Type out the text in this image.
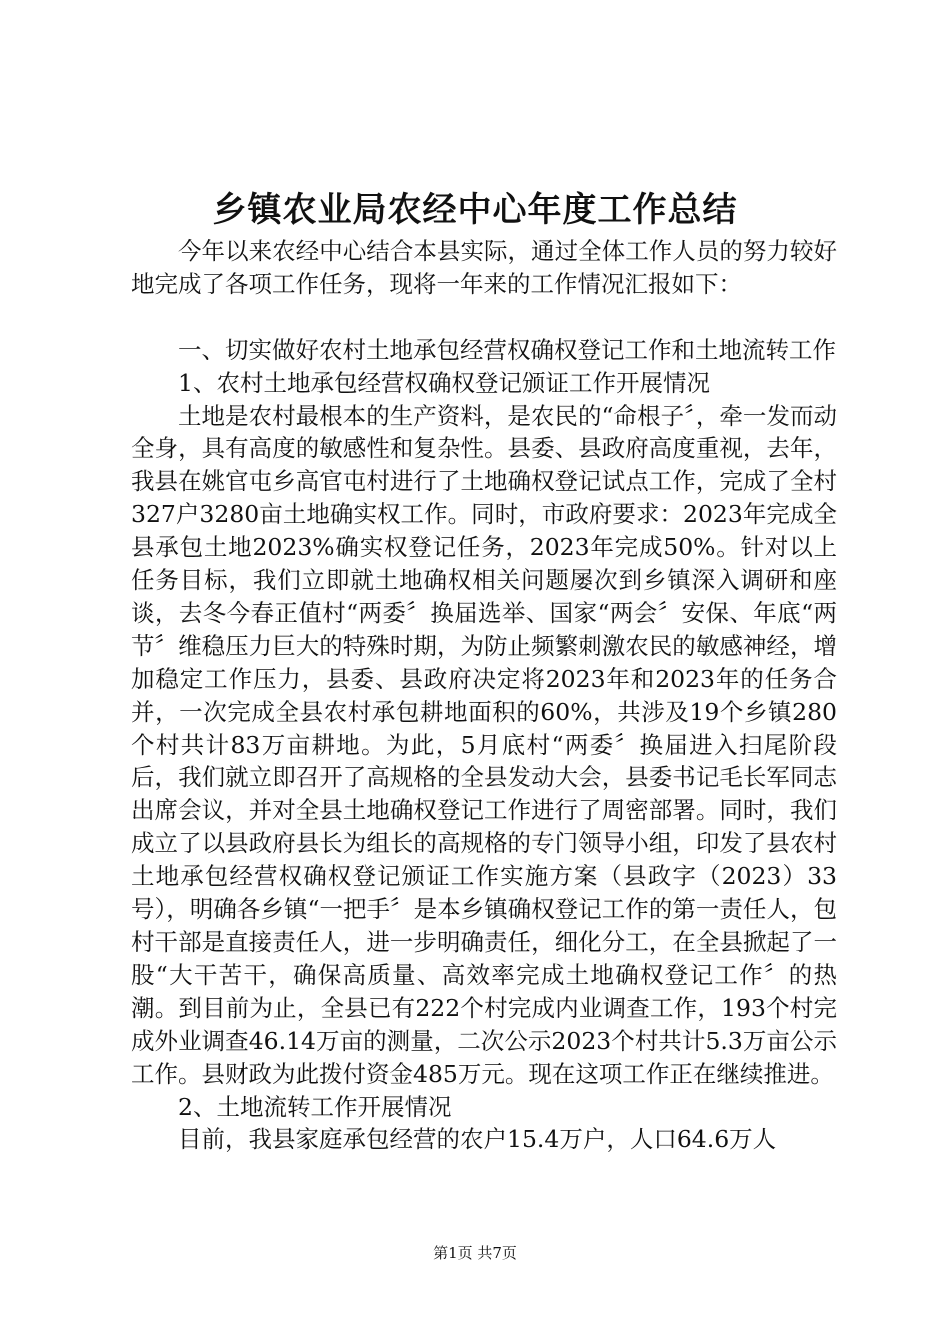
乡镇农业局农经中心年度工作总结

今年以来农经中心结合本县实际，通过全体工作人员的努力较好地完成了各项工作任务，现将一年来的工作情况汇报如下：

一、切实做好农村土地承包经营权确权登记工作和土地流转工作

1、农村土地承包经营权确权登记颁证工作开展情况

土地是农村最根本的生产资料，是农民的“命根子〞，牵一发而动全身，具有高度的敏感性和复杂性。县委、县政府高度重视，去年，我县在姚官屯乡高官屯村进行了土地确权登记试点工作，完成了全村327户3280亩土地确实权工作。同时，市政府要求：2023年完成全县承包土地2023%确实权登记任务，2023年完成50%。针对以上任务目标，我们立即就土地确权相关问题屡次到乡镇深入调研和座谈，去冬今春正值村“两委〞换届选举、国家“两会〞安保、年底“两节〞维稳压力巨大的特殊时期，为防止频繁刺激农民的敏感神经，增加稳定工作压力，县委、县政府决定将2023年和2023年的任务合并，一次完成全县农村承包耕地面积的60%，共涉及19个乡镇280个村共计83万亩耕地。为此，5月底村“两委〞换届进入扫尾阶段后，我们就立即召开了高规格的全县发动大会，县委书记毛长军同志出席会议，并对全县土地确权登记工作进行了周密部署。同时，我们成立了以县政府县长为组长的高规格的专门领导小组，印发了县农村土地承包经营权确权登记颁证工作实施方案（县政字（2023）33号），明确各乡镇“一把手〞是本乡镇确权登记工作的第一责任人，包村干部是直接责任人，进一步明确责任，细化分工，在全县掀起了一股“大干苦干，确保高质量、高效率完成土地确权登记工作〞的热潮。到目前为止，全县已有222个村完成内业调查工作，193个村完成外业调查46.14万亩的测量，二次公示2023个村共计5.3万亩公示工作。县财政为此拨付资金485万元。现在这项工作正在继续推进。

2、土地流转工作开展情况

目前，我县家庭承包经营的农户15.4万户，人口64.6万人

第1页 共7页
